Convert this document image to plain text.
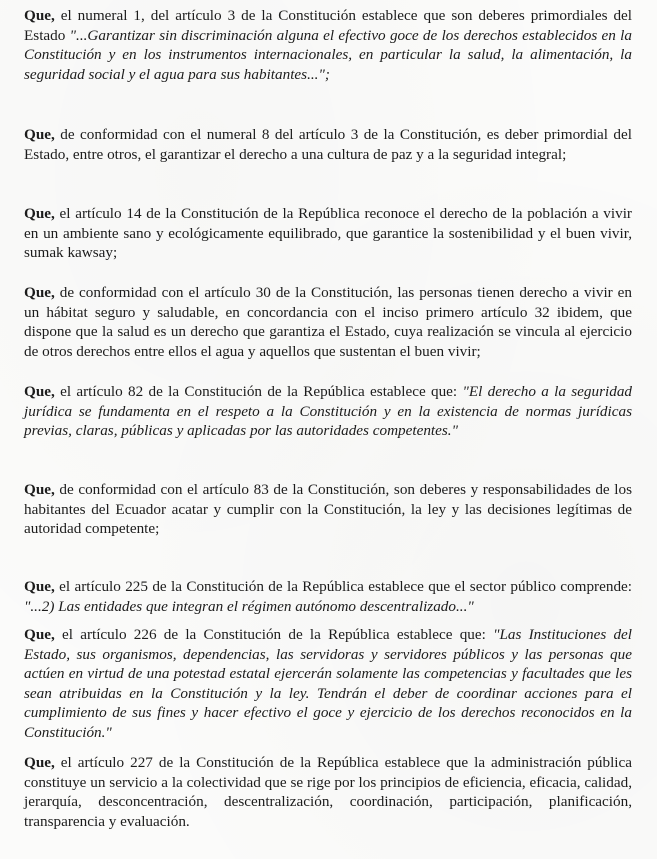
Que, el numeral 1, del artículo 3 de la Constitución establece que son deberes primordiales del Estado "...Garantizar sin discriminación alguna el efectivo goce de los derechos establecidos en la Constitución y en los instrumentos internacionales, en particular la salud, la alimentación, la seguridad social y el agua para sus habitantes...";

Que, de conformidad con el numeral 8 del artículo 3 de la Constitución, es deber primordial del Estado, entre otros, el garantizar el derecho a una cultura de paz y a la seguridad integral;

Que, el artículo 14 de la Constitución de la República reconoce el derecho de la población a vivir en un ambiente sano y ecológicamente equilibrado, que garantice la sostenibilidad y el buen vivir, sumak kawsay;

Que, de conformidad con el artículo 30 de la Constitución, las personas tienen derecho a vivir en un hábitat seguro y saludable, en concordancia con el inciso primero artículo 32 ibidem, que dispone que la salud es un derecho que garantiza el Estado, cuya realización se vincula al ejercicio de otros derechos entre ellos el agua y aquellos que sustentan el buen vivir;

Que, el artículo 82 de la Constitución de la República establece que: "El derecho a la seguridad jurídica se fundamenta en el respeto a la Constitución y en la existencia de normas jurídicas previas, claras, públicas y aplicadas por las autoridades competentes."

Que, de conformidad con el artículo 83 de la Constitución, son deberes y responsabilidades de los habitantes del Ecuador acatar y cumplir con la Constitución, la ley y las decisiones legítimas de autoridad competente;

Que, el artículo 225 de la Constitución de la República establece que el sector público comprende: "...2) Las entidades que integran el régimen autónomo descentralizado..."

Que, el artículo 226 de la Constitución de la República establece que: "Las Instituciones del Estado, sus organismos, dependencias, las servidoras y servidores públicos y las personas que actúen en virtud de una potestad estatal ejercerán solamente las competencias y facultades que les sean atribuidas en la Constitución y la ley. Tendrán el deber de coordinar acciones para el cumplimiento de sus fines y hacer efectivo el goce y ejercicio de los derechos reconocidos en la Constitución."

Que, el artículo 227 de la Constitución de la República establece que la administración pública constituye un servicio a la colectividad que se rige por los principios de eficiencia, eficacia, calidad, jerarquía, desconcentración, descentralización, coordinación, participación, planificación, transparencia y evaluación.
